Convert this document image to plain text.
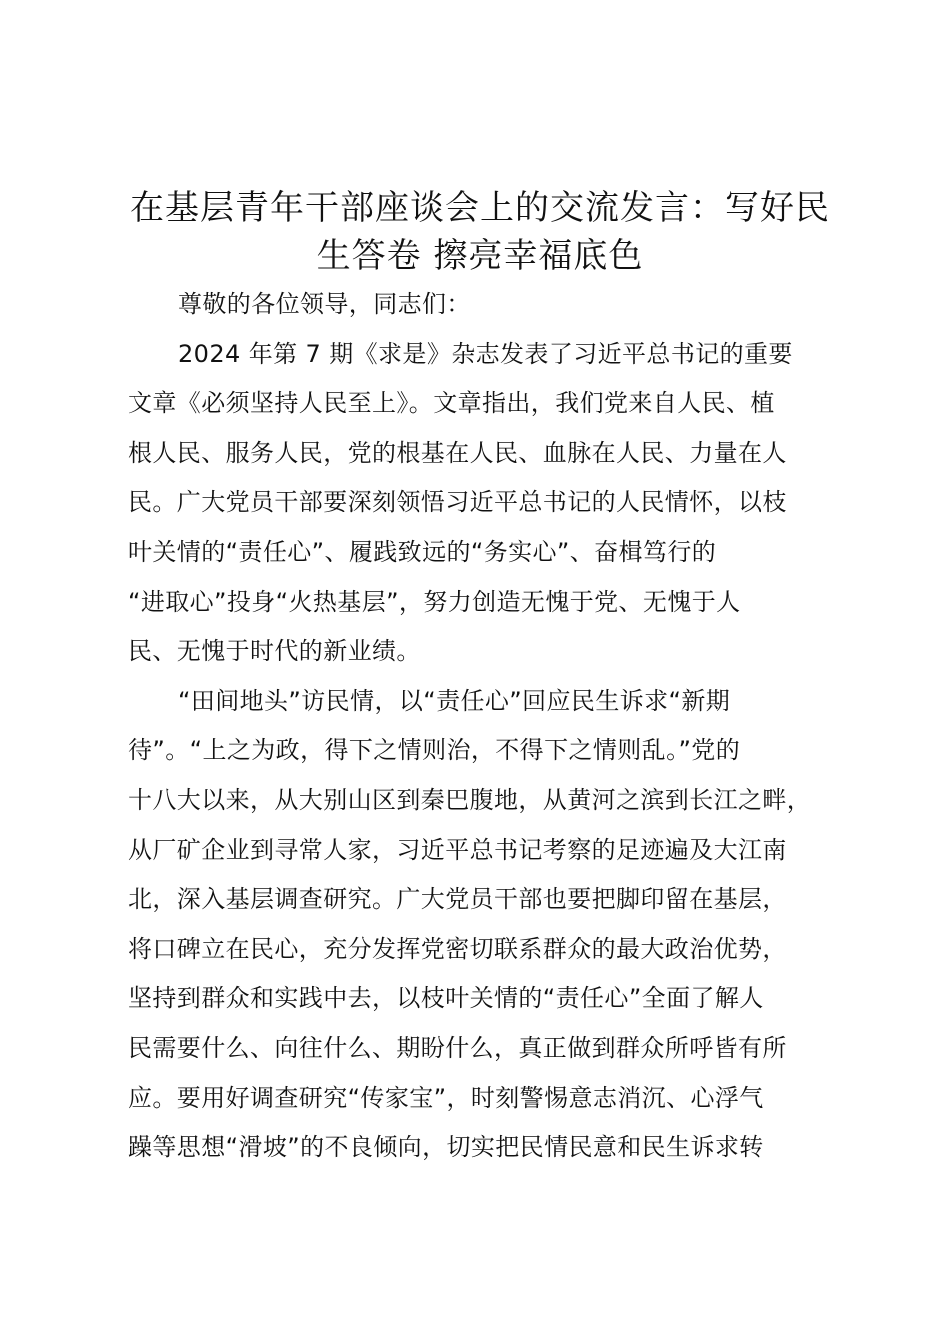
在基层青年干部座谈会上的交流发言：写好民
生答卷 擦亮幸福底色
尊敬的各位领导，同志们：
2024 年第 7 期《求是》杂志发表了习近平总书记的重要
文章《必须坚持人民至上》。文章指出，我们党来自人民、植
根人民、服务人民，党的根基在人民、血脉在人民、力量在人
民。广大党员干部要深刻领悟习近平总书记的人民情怀，以枝
叶关情的“责任心”、履践致远的“务实心”、奋楫笃行的
“进取心”投身“火热基层”，努力创造无愧于党、无愧于人
民、无愧于时代的新业绩。
“田间地头”访民情，以“责任心”回应民生诉求“新期
待”。“上之为政，得下之情则治，不得下之情则乱。”党的
十八大以来，从大别山区到秦巴腹地，从黄河之滨到长江之畔，
从厂矿企业到寻常人家，习近平总书记考察的足迹遍及大江南
北，深入基层调查研究。广大党员干部也要把脚印留在基层，
将口碑立在民心，充分发挥党密切联系群众的最大政治优势，
坚持到群众和实践中去，以枝叶关情的“责任心”全面了解人
民需要什么、向往什么、期盼什么，真正做到群众所呼皆有所
应。要用好调查研究“传家宝”，时刻警惕意志消沉、心浮气
躁等思想“滑坡”的不良倾向，切实把民情民意和民生诉求转
